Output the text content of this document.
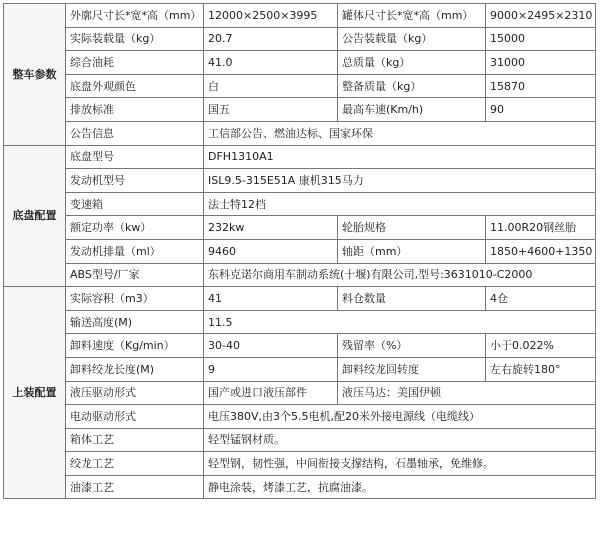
整车参数	外廓尺寸长*宽*高（mm）	12000×2500×3995	罐体尺寸长*宽*高（mm）	9000×2495×2310
	实际装载量（kg）	20.7	公告装载量（kg）	15000
	综合油耗	41.0	总质量（kg）	31000
	底盘外观颜色	白	整备质量（kg）	15870
	排放标准	国五	最高车速(Km/h)	90
	公告信息	工信部公告、燃油达标、国家环保		
底盘配置	底盘型号	DFH1310A1		
	发动机型号	ISL9.5-315E51A 康机315马力		
	变速箱	法士特12档		
	额定功率（kw）	232kw	轮胎规格	11.00R20钢丝胎
	发动机排量（ml）	9460	轴距（mm）	1850+4600+1350
	ABS型号/厂家	东科克诺尔商用车制动系统(十堰)有限公司,型号:3631010-C2000		
上装配置	实际容积（m3）	41	料仓数量	4仓
	输送高度(M)	11.5		
	卸料速度（Kg/min）	30-40	残留率（%）	小于0.022%
	卸料绞龙长度(M)	9	卸料绞龙回转度	左右旋转180°
	液压驱动形式	国产或进口液压部件	液压马达：美国伊顿	
	电动驱动形式	电压380V,由3个5.5电机,配20米外接电源线（电缆线）		
	箱体工艺	轻型锰钢材质。		
	绞龙工艺	轻型钢，韧性强，中间衔接支撑结构，石墨轴承，免维修。		
	油漆工艺	静电涂装，烤漆工艺，抗腐油漆。		
